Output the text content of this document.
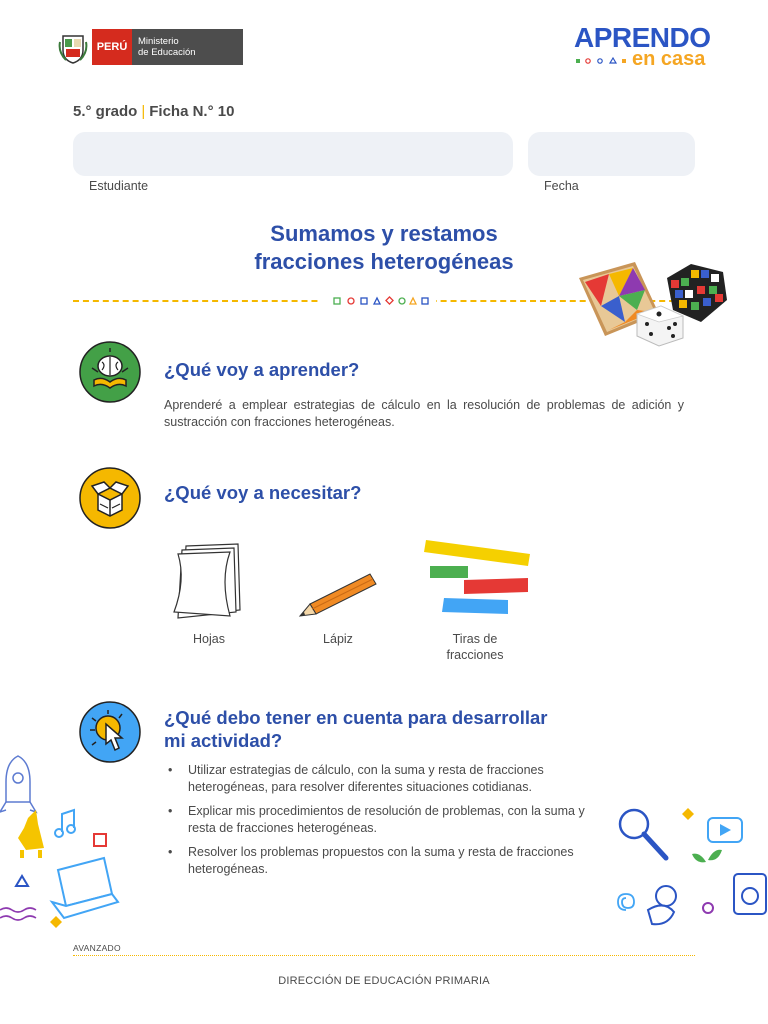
PERÚ	Ministerio
de Educación	APRENDO
en casa
5.° grado | Ficha N.° 10
Estudiante	Fecha
Sumamos y restamos
fracciones heterogéneas
¿Qué voy a aprender?
Aprenderé a emplear estrategias de cálculo en la resolución de problemas de adición y sustracción con fracciones heterogéneas.
¿Qué voy a necesitar?
Hojas	Lápiz	Tiras de
fracciones
¿Qué debo tener en cuenta para desarrollar
mi actividad?
• Utilizar estrategias de cálculo, con la suma y resta de fracciones heterogéneas, para resolver diferentes situaciones cotidianas.
• Explicar mis procedimientos de resolución de problemas, con la suma y resta de fracciones heterogéneas.
• Resolver los problemas propuestos con la suma y resta de fracciones heterogéneas.
AVANZADO
DIRECCIÓN DE EDUCACIÓN PRIMARIA
